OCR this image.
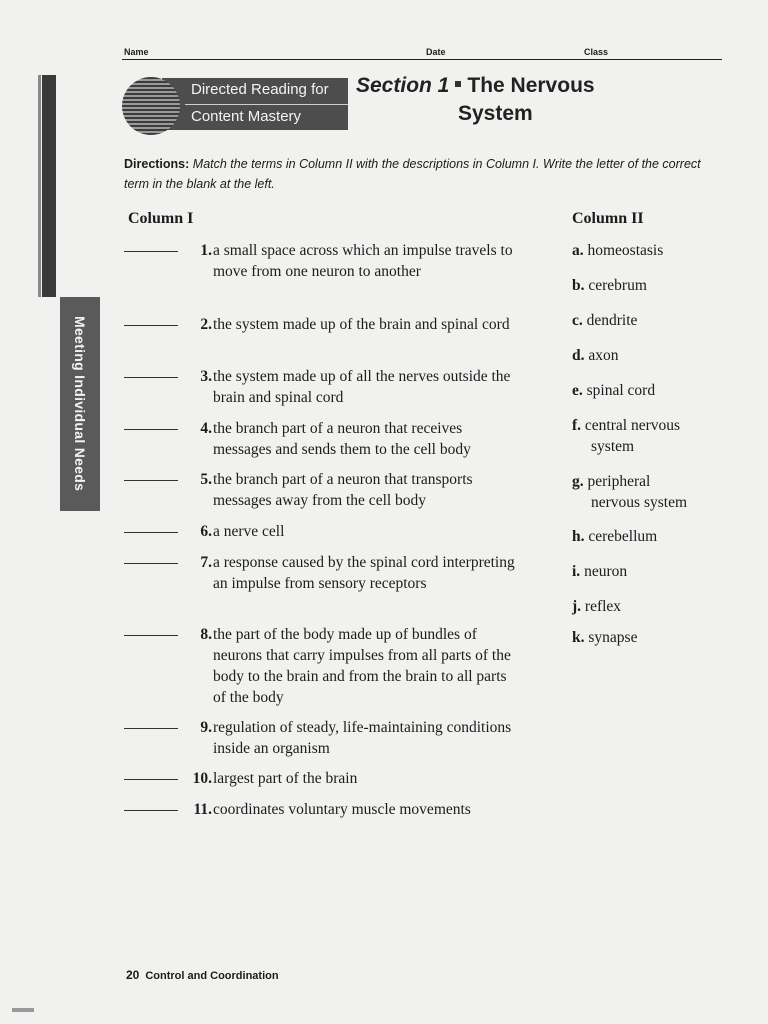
Meeting Individual Needs
Name	Date	Class
Directed Reading for
Content Mastery
Section 1 The Nervous
System
Directions: Match the terms in Column II with the descriptions in Column I. Write the letter of the correct term in the blank at the left.
Column I	Column II
1. a small space across which an impulse travels to move from one neuron to another
2. the system made up of the brain and spinal cord
3. the system made up of all the nerves outside the brain and spinal cord
4. the branch part of a neuron that receives messages and sends them to the cell body
5. the branch part of a neuron that transports messages away from the cell body
6. a nerve cell
7. a response caused by the spinal cord interpreting an impulse from sensory receptors
8. the part of the body made up of bundles of neurons that carry impulses from all parts of the body to the brain and from the brain to all parts of the body
9. regulation of steady, life-maintaining conditions inside an organism
10. largest part of the brain
11. coordinates voluntary muscle movements
a. homeostasis
b. cerebrum
c. dendrite
d. axon
e. spinal cord
f. central nervous
system
g. peripheral
nervous system
h. cerebellum
i. neuron
j. reflex
k. synapse
20 Control and Coordination
